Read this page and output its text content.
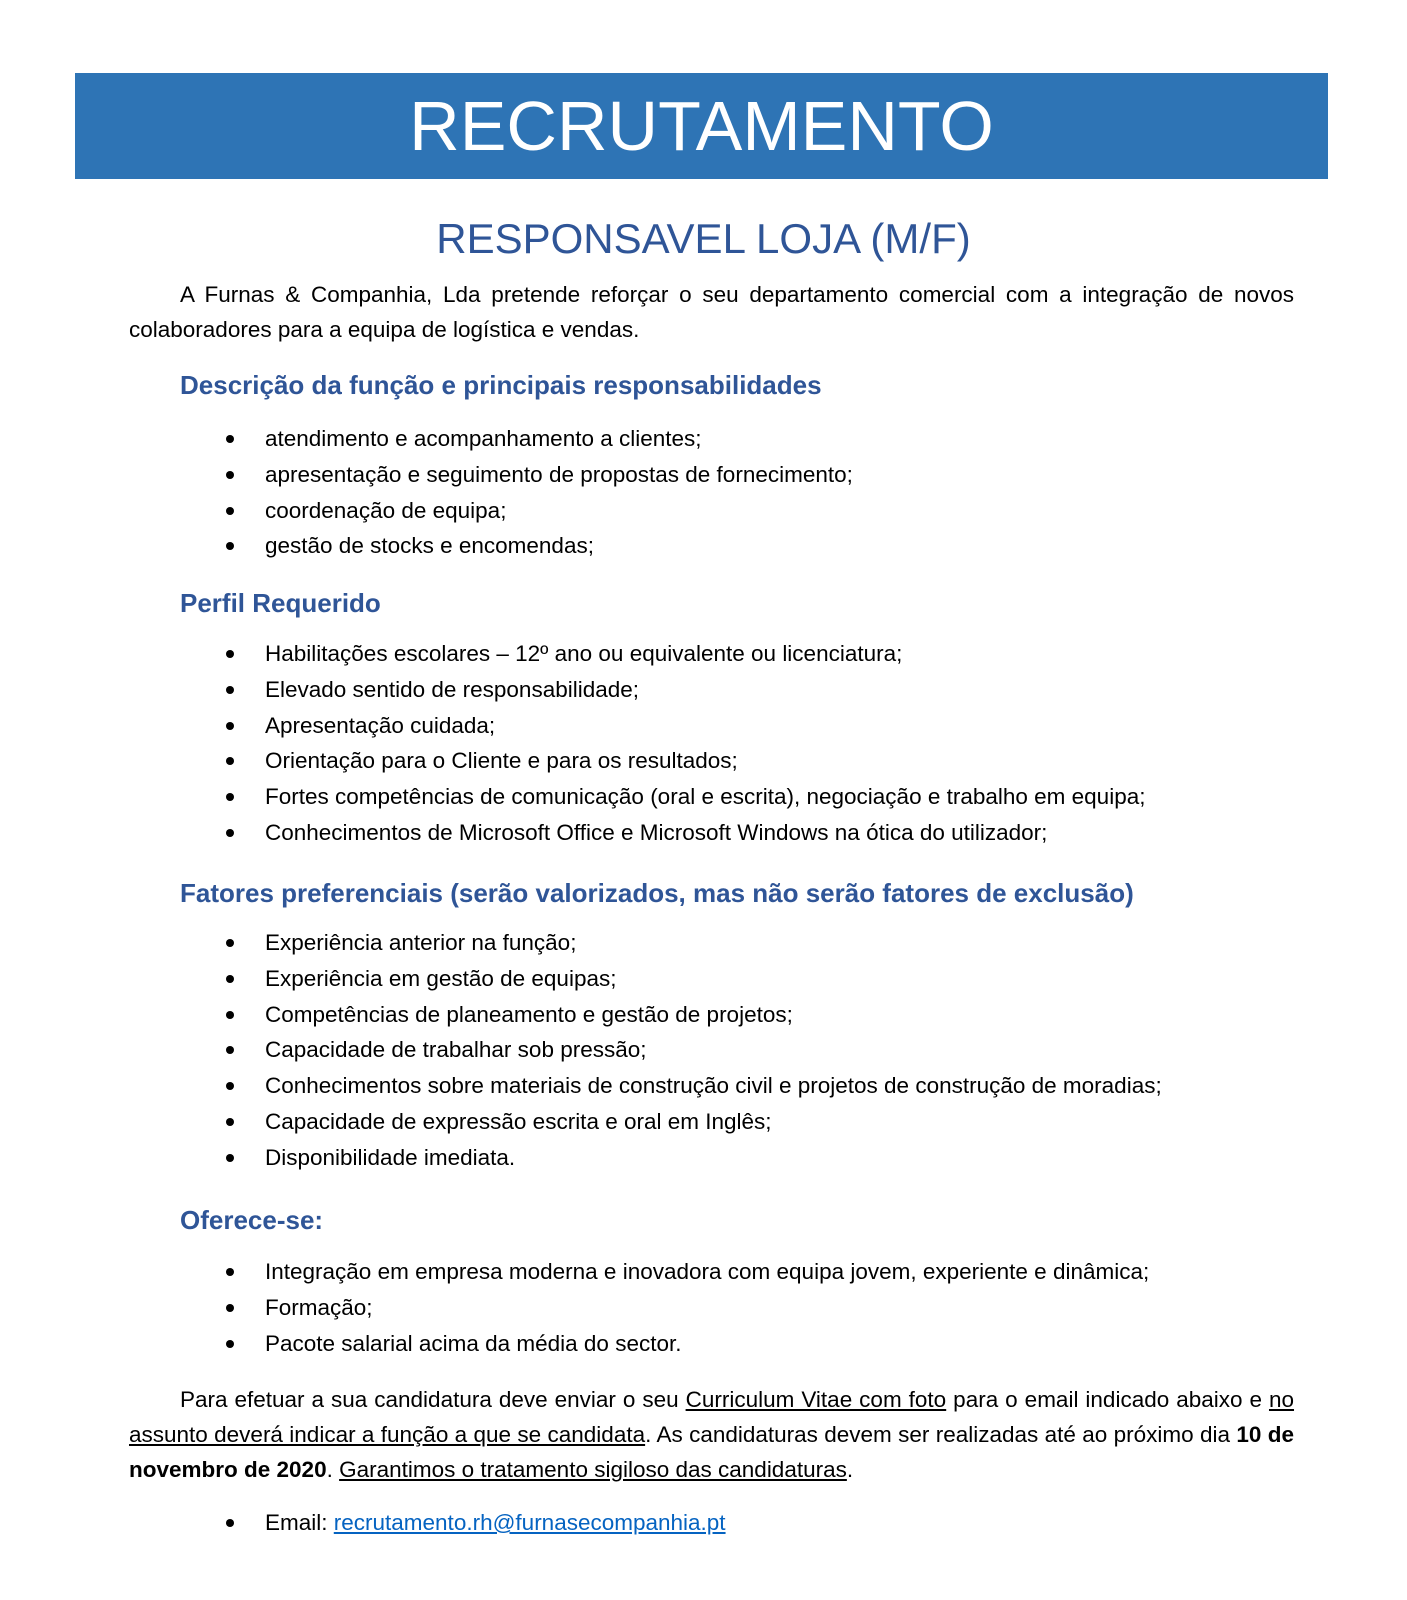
RECRUTAMENTO
RESPONSAVEL LOJA (M/F)

A Furnas & Companhia, Lda pretende reforçar o seu departamento comercial com a integração de novos colaboradores para a equipa de logística e vendas.

Descrição da função e principais responsabilidades
atendimento e acompanhamento a clientes;
apresentação e seguimento de propostas de fornecimento;
coordenação de equipa;
gestão de stocks e encomendas;
Perfil Requerido
Habilitações escolares – 12º ano ou equivalente ou licenciatura;
Elevado sentido de responsabilidade;
Apresentação cuidada;
Orientação para o Cliente e para os resultados;
Fortes competências de comunicação (oral e escrita), negociação e trabalho em equipa;
Conhecimentos de Microsoft Office e Microsoft Windows na ótica do utilizador;
Fatores preferenciais (serão valorizados, mas não serão fatores de exclusão)
Experiência anterior na função;
Experiência em gestão de equipas;
Competências de planeamento e gestão de projetos;
Capacidade de trabalhar sob pressão;
Conhecimentos sobre materiais de construção civil e projetos de construção de moradias;
Capacidade de expressão escrita e oral em Inglês;
Disponibilidade imediata.
Oferece-se:
Integração em empresa moderna e inovadora com equipa jovem, experiente e dinâmica;
Formação;
Pacote salarial acima da média do sector.

Para efetuar a sua candidatura deve enviar o seu Curriculum Vitae com foto para o email indicado abaixo e no assunto deverá indicar a função a que se candidata. As candidaturas devem ser realizadas até ao próximo dia 10 de novembro de 2020. Garantimos o tratamento sigiloso das candidaturas.

Email: recrutamento.rh@furnasecompanhia.pt
